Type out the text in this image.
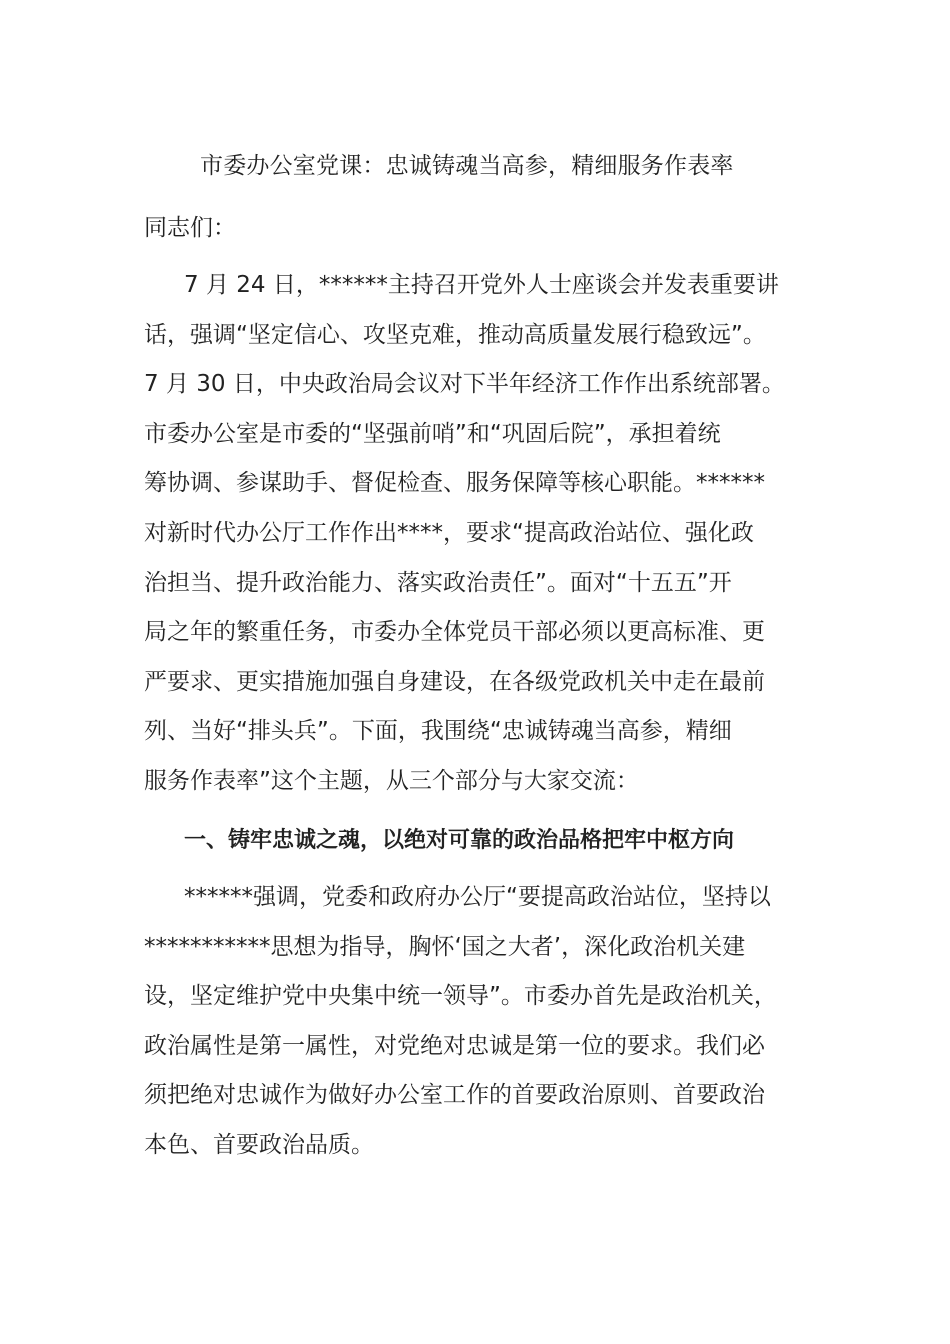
市委办公室党课：忠诚铸魂当高参，精细服务作表率
同志们：
7 月 24 日，******主持召开党外人士座谈会并发表重要讲
话，强调“坚定信心、攻坚克难，推动高质量发展行稳致远”。
7 月 30 日，中央政治局会议对下半年经济工作作出系统部署。
市委办公室是市委的“坚强前哨”和“巩固后院”，承担着统
筹协调、参谋助手、督促检查、服务保障等核心职能。******
对新时代办公厅工作作出****，要求“提高政治站位、强化政
治担当、提升政治能力、落实政治责任”。面对“十五五”开
局之年的繁重任务，市委办全体党员干部必须以更高标准、更
严要求、更实措施加强自身建设，在各级党政机关中走在最前
列、当好“排头兵”。下面，我围绕“忠诚铸魂当高参，精细
服务作表率”这个主题，从三个部分与大家交流：
一、铸牢忠诚之魂，以绝对可靠的政治品格把牢中枢方向
******强调，党委和政府办公厅“要提高政治站位，坚持以
***********思想为指导，胸怀‘国之大者’，深化政治机关建
设，坚定维护党中央集中统一领导”。市委办首先是政治机关，
政治属性是第一属性，对党绝对忠诚是第一位的要求。我们必
须把绝对忠诚作为做好办公室工作的首要政治原则、首要政治
本色、首要政治品质。
